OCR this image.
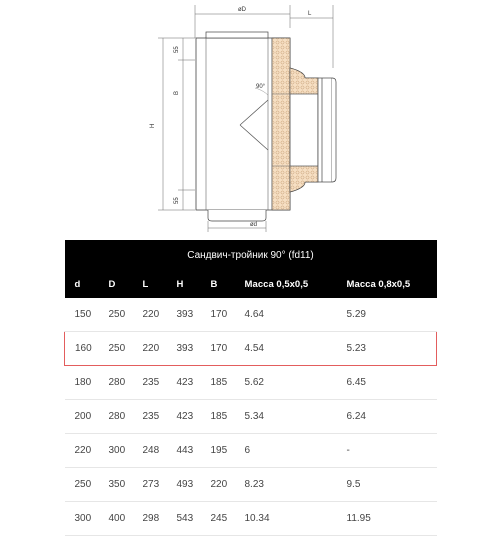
øD
L
H
55
B
55
90°
ød
Сандвич-тройник 90° (fd11)						
d	D	L	H	B	Масса 0,5х0,5	Масса 0,8х0,5
150	250	220	393	170	4.64	5.29
160	250	220	393	170	4.54	5.23
180	280	235	423	185	5.62	6.45
200	280	235	423	185	5.34	6.24
220	300	248	443	195	6	-
250	350	273	493	220	8.23	9.5
300	400	298	543	245	10.34	11.95
